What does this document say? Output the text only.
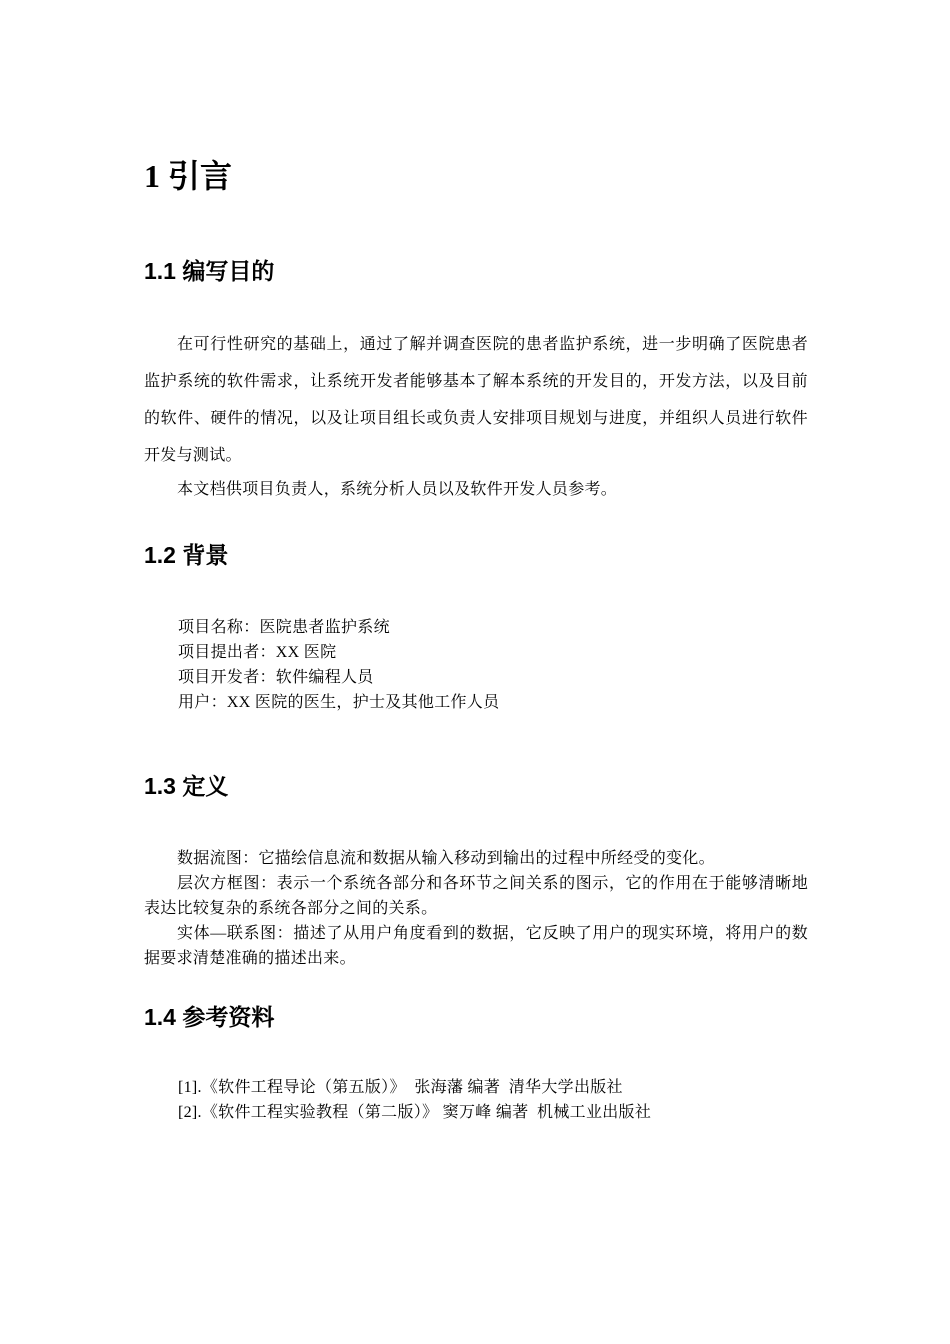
1 引言
1.1 编写目的

在可行性研究的基础上，通过了解并调查医院的患者监护系统，进一步明确了医院患者监护系统的软件需求，让系统开发者能够基本了解本系统的开发目的，开发方法，以及目前的软件、硬件的情况，以及让项目组长或负责人安排项目规划与进度，并组织人员进行软件开发与测试。

本文档供项目负责人，系统分析人员以及软件开发人员参考。

1.2 背景

项目名称：医院患者监护系统

项目提出者：XX 医院

项目开发者：软件编程人员

用户：XX 医院的医生，护士及其他工作人员

1.3 定义

数据流图：它描绘信息流和数据从输入移动到输出的过程中所经受的变化。

层次方框图：表示一个系统各部分和各环节之间关系的图示，它的作用在于能够清晰地表达比较复杂的系统各部分之间的关系。

实体—联系图：描述了从用户角度看到的数据，它反映了用户的现实环境，将用户的数据要求清楚准确的描述出来。

1.4 参考资料

[1].《软件工程导论（第五版）》  张海藩 编著  清华大学出版社

[2].《软件工程实验教程（第二版）》 窦万峰 编著  机械工业出版社
